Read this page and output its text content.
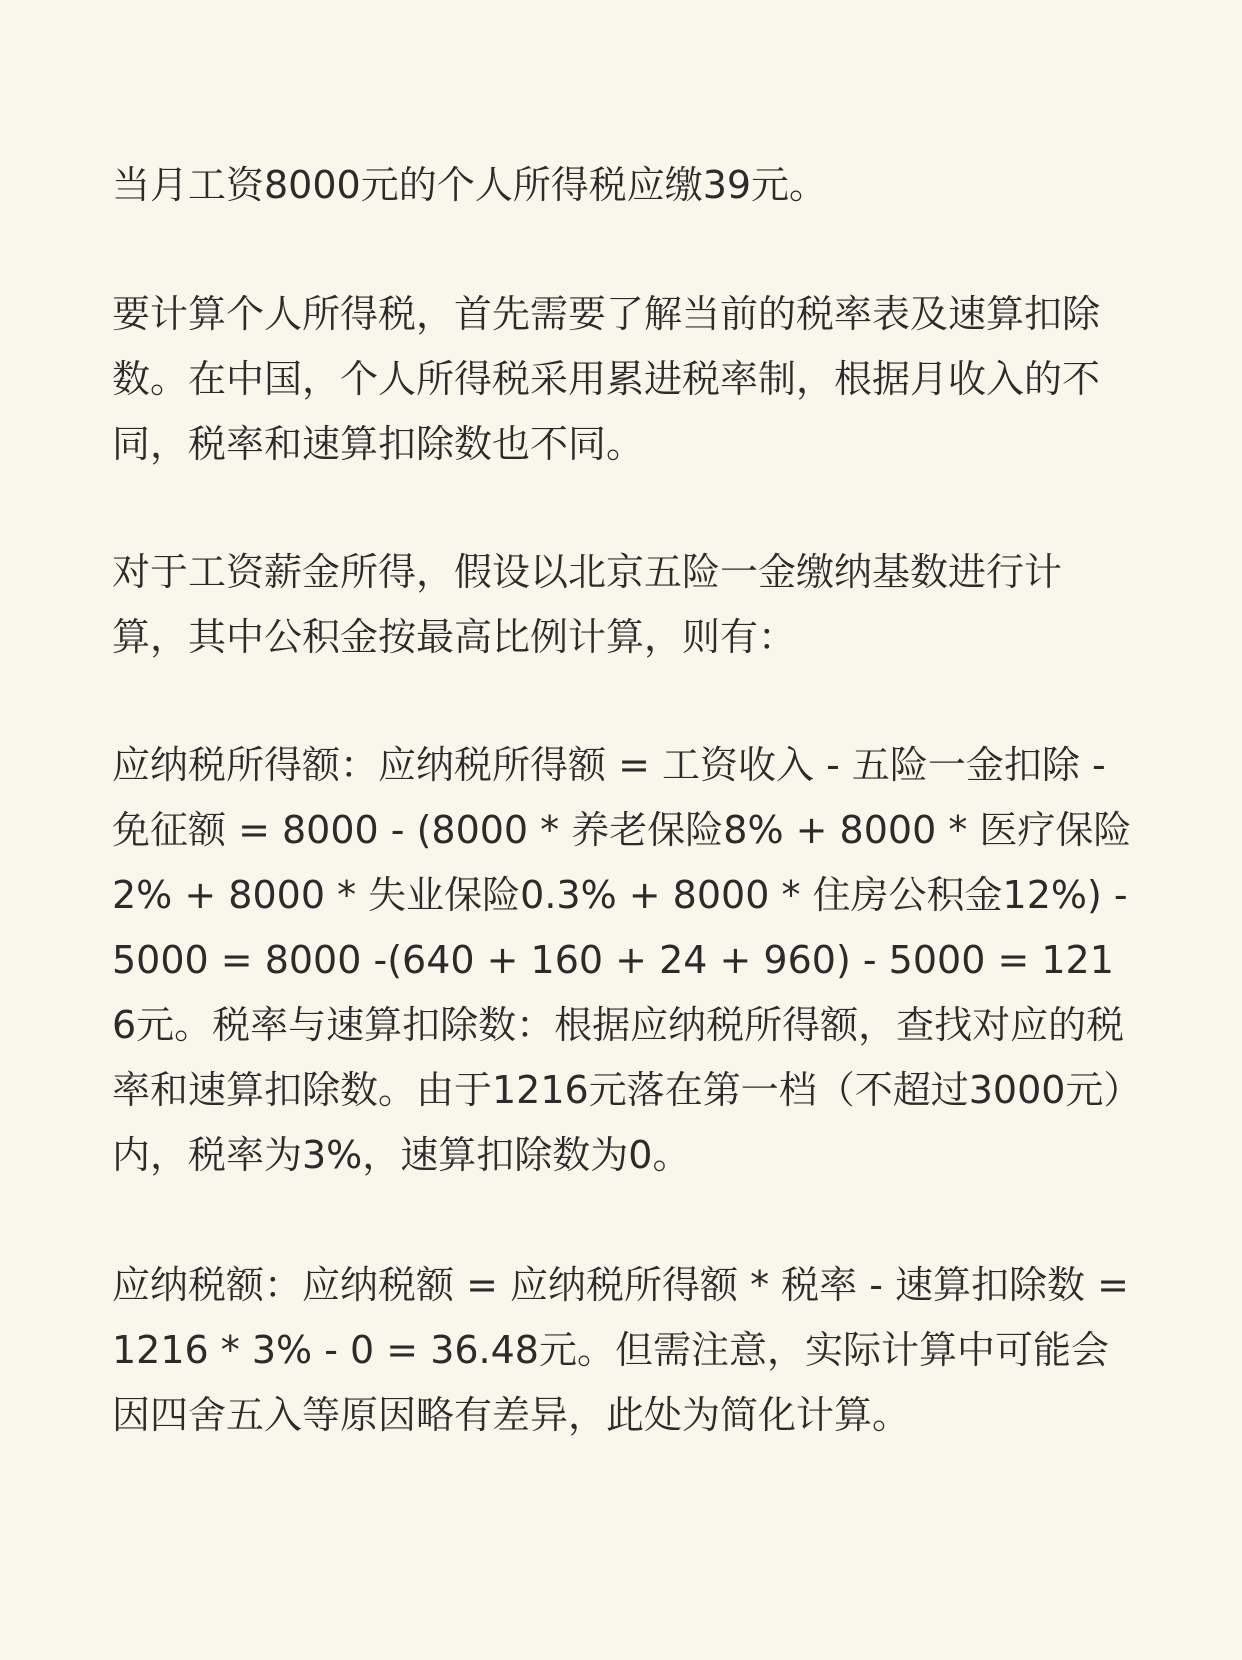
当月工资8000元的个人所得税应缴39元。

要计算个人所得税，首先需要了解当前的税率表及速算扣除数。在中国，个人所得税采用累进税率制，根据月收入的不同，税率和速算扣除数也不同。

对于工资薪金所得，假设以北京五险一金缴纳基数进行计算，其中公积金按最高比例计算，则有：

应纳税所得额：应纳税所得额 = 工资收入 - 五险一金扣除 - 免征额 = 8000 - (8000 * 养老保险8% + 8000 * 医疗保险2% + 8000 * 失业保险0.3% + 8000 * 住房公积金12%) - 5000 = 8000 -(640 + 160 + 24 + 960) - 5000 = 1216元。税率与速算扣除数：根据应纳税所得额，查找对应的税率和速算扣除数。由于1216元落在第一档（不超过3000元）内，税率为3%，速算扣除数为0。

应纳税额：应纳税额 = 应纳税所得额 * 税率 - 速算扣除数 = 1216 * 3% - 0 = 36.48元。但需注意，实际计算中可能会因四舍五入等原因略有差异，此处为简化计算。
